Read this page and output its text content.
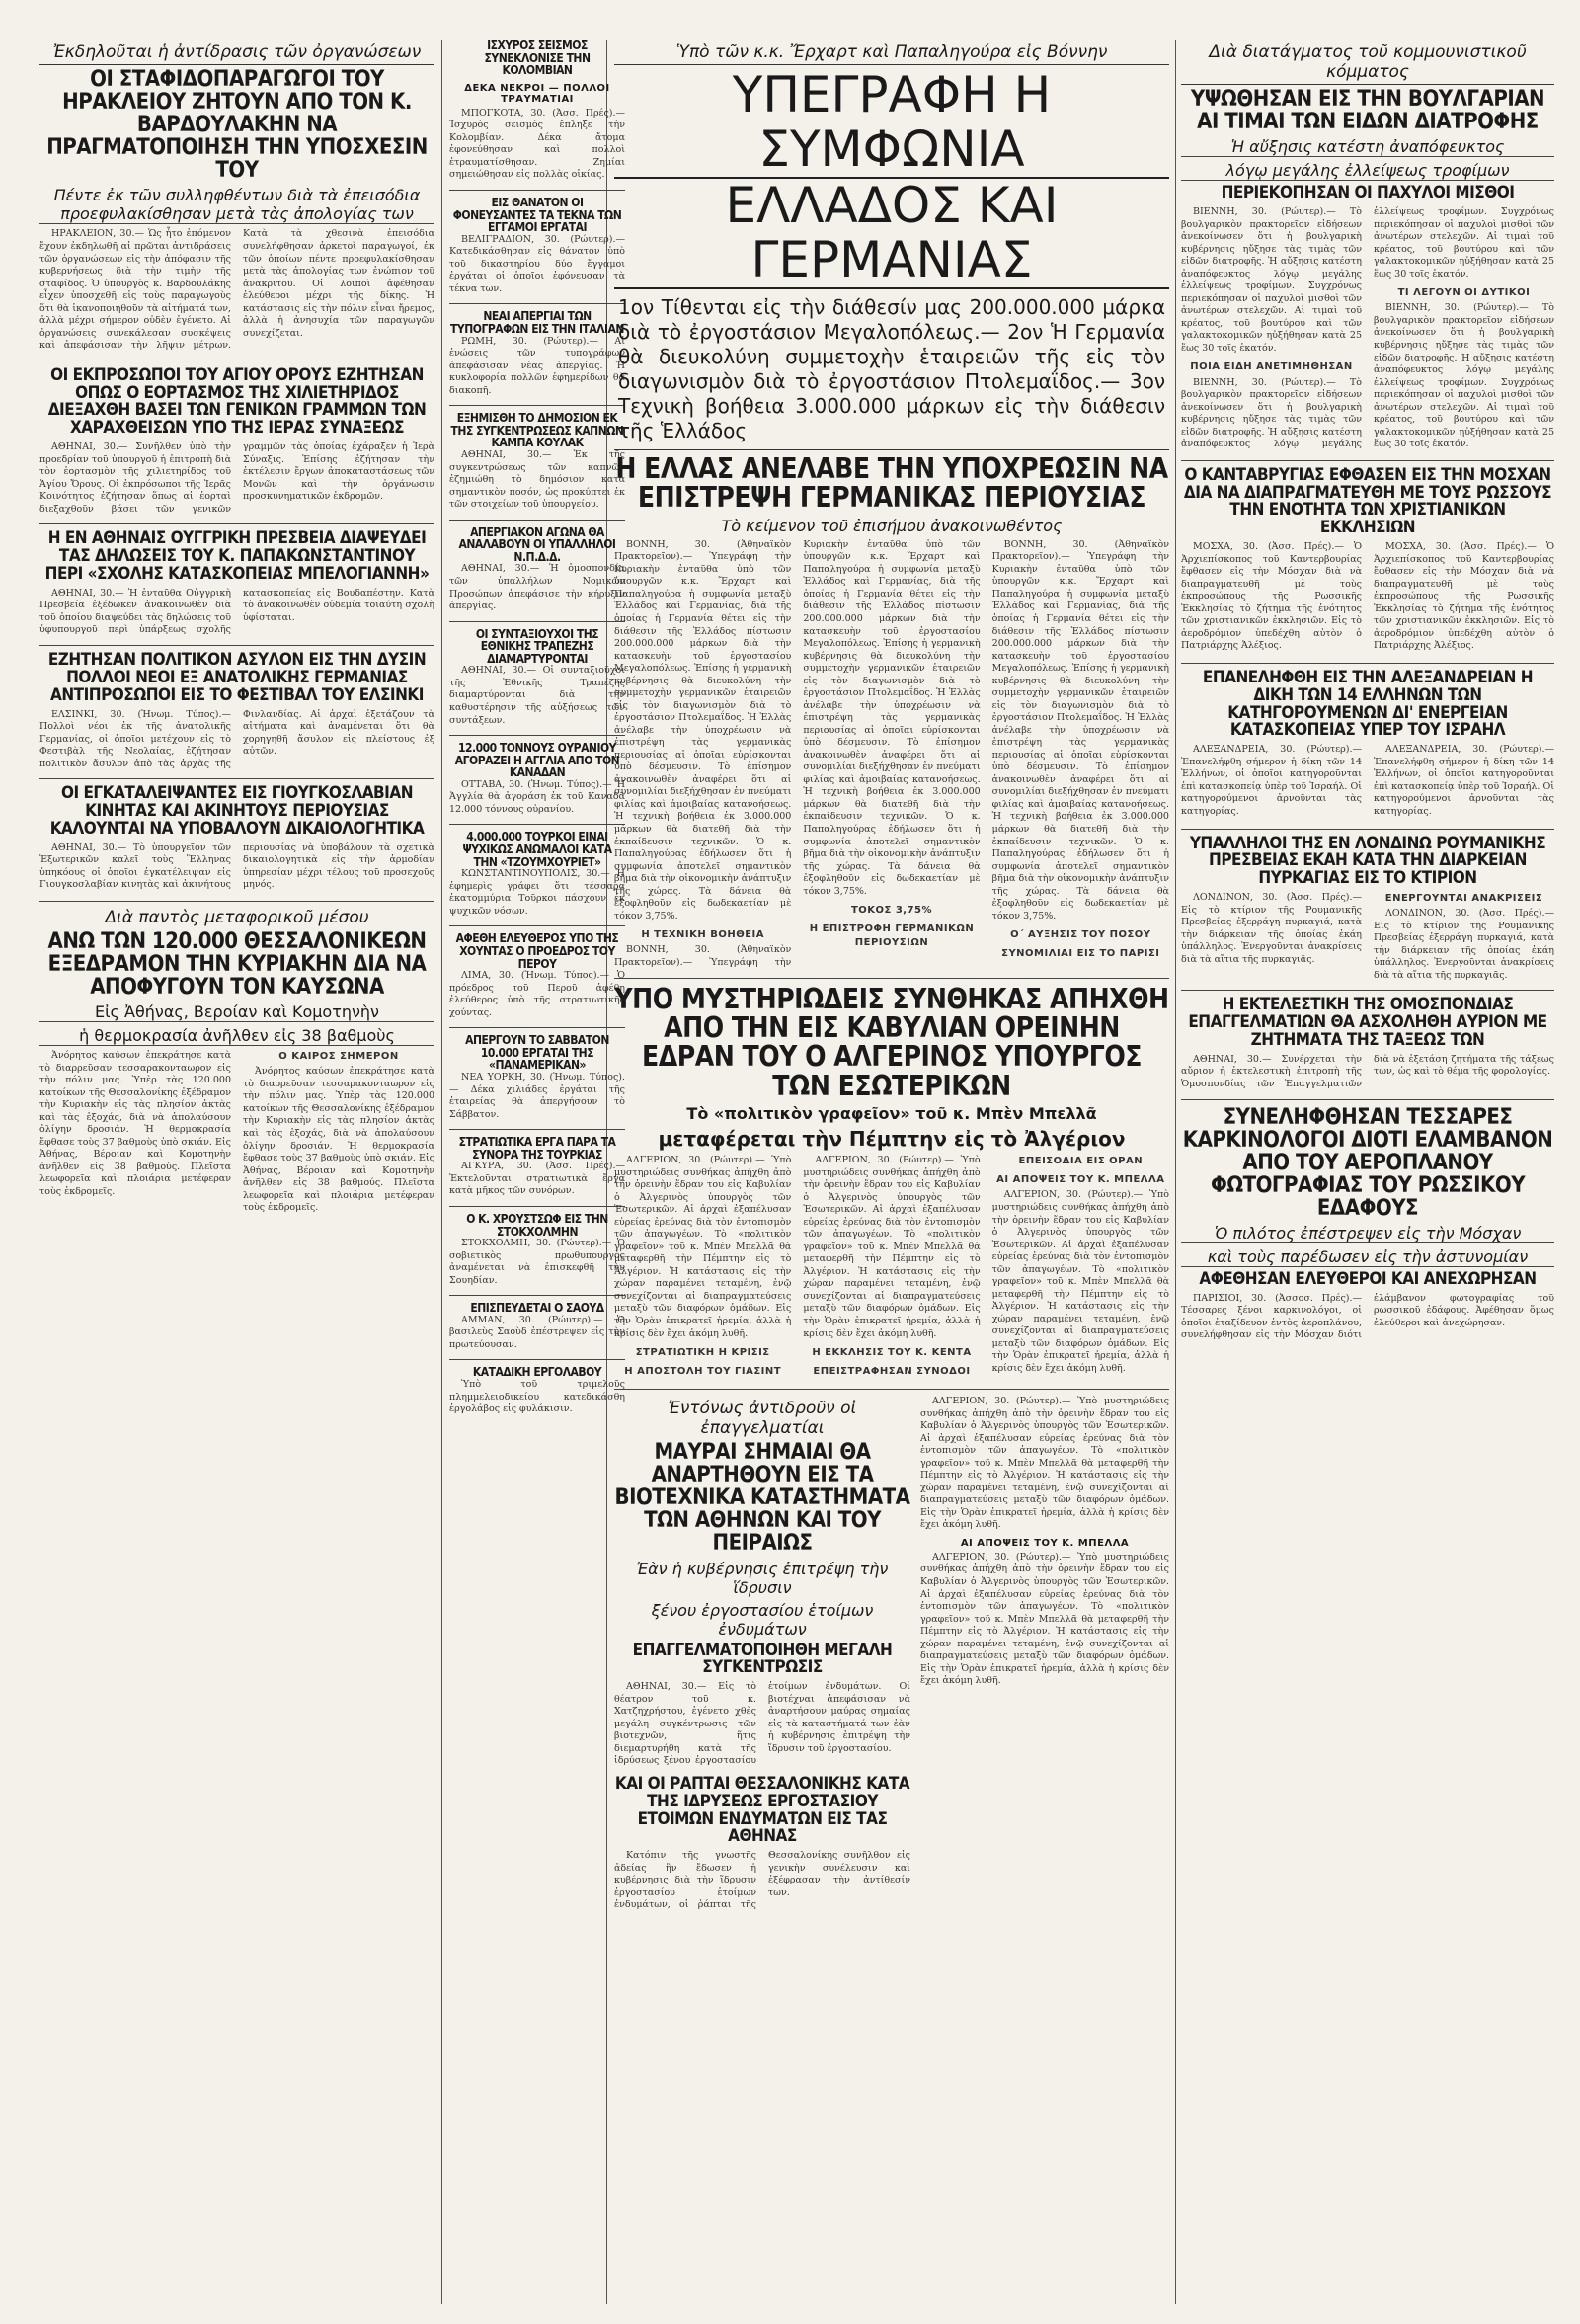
Ἐκδηλοῦται ἡ ἀντίδρασις τῶν ὀργανώσεων
ΟΙ ΣΤΑΦΙΔΟΠΑΡΑΓΩΓΟΙ ΤΟΥ ΗΡΑΚΛΕΙΟΥ ΖΗΤΟΥΝ ΑΠΟ ΤΟΝ Κ. ΒΑΡΔΟΥΛΑΚΗΝ ΝΑ ΠΡΑΓΜΑΤΟΠΟΙΗΣΗ ΤΗΝ ΥΠΟΣΧΕΣΙΝ ΤΟΥ
Πέντε ἐκ τῶν συλληφθέντων διὰ τὰ ἐπεισόδια προεφυλακίσθησαν μετὰ τὰς ἀπολογίας των

ΗΡΑΚΛΕΙΟΝ, 30.— Ὡς ἦτο ἐπόμενον ἔχουν ἐκδηλωθῆ αἱ πρῶται ἀντιδράσεις τῶν ὀργανώσεων εἰς τὴν ἀπόφασιν τῆς κυβερνήσεως διὰ τὴν τιμὴν τῆς σταφίδος. Ὁ ὑπουργὸς κ. Βαρδουλάκης εἶχεν ὑποσχεθῆ εἰς τοὺς παραγωγοὺς ὅτι θὰ ἱκανοποιηθοῦν τὰ αἰτήματά των, ἀλλὰ μέχρι σήμερον οὐδὲν ἐγένετο. Αἱ ὀργανώσεις συνεκάλεσαν συσκέψεις καὶ ἀπεφάσισαν τὴν λῆψιν μέτρων. Κατὰ τὰ χθεσινὰ ἐπεισόδια συνελήφθησαν ἀρκετοὶ παραγωγοί, ἐκ τῶν ὁποίων πέντε προεφυλακίσθησαν μετὰ τὰς ἀπολογίας των ἐνώπιον τοῦ ἀνακριτοῦ. Οἱ λοιποὶ ἀφέθησαν ἐλεύθεροι μέχρι τῆς δίκης. Ἡ κατάστασις εἰς τὴν πόλιν εἶναι ἤρεμος, ἀλλὰ ἡ ἀνησυχία τῶν παραγωγῶν συνεχίζεται.

ΟΙ ΕΚΠΡΟΣΩΠΟΙ ΤΟΥ ΑΓΙΟΥ ΟΡΟΥΣ ΕΖΗΤΗΣΑΝ ΟΠΩΣ Ο ΕΟΡΤΑΣΜΟΣ ΤΗΣ ΧΙΛΙΕΤΗΡΙΔΟΣ ΔΙΕΞΑΧΘΗ ΒΑΣΕΙ ΤΩΝ ΓΕΝΙΚΩΝ ΓΡΑΜΜΩΝ ΤΩΝ ΧΑΡΑΧΘΕΙΣΩΝ ΥΠΟ ΤΗΣ ΙΕΡΑΣ ΣΥΝΑΞΕΩΣ

ΑΘΗΝΑΙ, 30.— Συνῆλθεν ὑπὸ τὴν προεδρίαν τοῦ ὑπουργοῦ ἡ ἐπιτροπὴ διὰ τὸν ἑορτασμὸν τῆς χιλιετηρίδος τοῦ Ἁγίου Ὄρους. Οἱ ἐκπρόσωποι τῆς Ἱερᾶς Κοινότητος ἐζήτησαν ὅπως αἱ ἑορταὶ διεξαχθοῦν βάσει τῶν γενικῶν γραμμῶν τὰς ὁποίας ἐχάραξεν ἡ Ἱερὰ Σύναξις. Ἐπίσης ἐζήτησαν τὴν ἐκτέλεσιν ἔργων ἀποκαταστάσεως τῶν Μονῶν καὶ τὴν ὀργάνωσιν προσκυνηματικῶν ἐκδρομῶν.

Η ΕΝ ΑΘΗΝΑΙΣ ΟΥΓΓΡΙΚΗ ΠΡΕΣΒΕΙΑ ΔΙΑΨΕΥΔΕΙ ΤΑΣ ΔΗΛΩΣΕΙΣ ΤΟΥ Κ. ΠΑΠΑΚΩΝΣΤΑΝΤΙΝΟΥ ΠΕΡΙ «ΣΧΟΛΗΣ ΚΑΤΑΣΚΟΠΕΙΑΣ ΜΠΕΛΟΓΙΑΝΝΗ»

ΑΘΗΝΑΙ, 30.— Ἡ ἐνταῦθα Οὐγγρικὴ Πρεσβεία ἐξέδωκεν ἀνακοινωθὲν διὰ τοῦ ὁποίου διαψεύδει τὰς δηλώσεις τοῦ ὑφυπουργοῦ περὶ ὑπάρξεως σχολῆς κατασκοπείας εἰς Βουδαπέστην. Κατὰ τὸ ἀνακοινωθὲν οὐδεμία τοιαύτη σχολὴ ὑφίσταται.

ΕΖΗΤΗΣΑΝ ΠΟΛΙΤΙΚΟΝ ΑΣΥΛΟΝ ΕΙΣ ΤΗΝ ΔΥΣΙΝ ΠΟΛΛΟΙ ΝΕΟΙ ΕΞ ΑΝΑΤΟΛΙΚΗΣ ΓΕΡΜΑΝΙΑΣ ΑΝΤΙΠΡΟΣΩΠΟΙ ΕΙΣ ΤΟ ΦΕΣΤΙΒΑΛ ΤΟΥ ΕΛΣΙΝΚΙ

ΕΛΣΙΝΚΙ, 30. (Ἡνωμ. Τύπος).— Πολλοὶ νέοι ἐκ τῆς ἀνατολικῆς Γερμανίας, οἱ ὁποῖοι μετέχουν εἰς τὸ Φεστιβὰλ τῆς Νεολαίας, ἐζήτησαν πολιτικὸν ἄσυλον ἀπὸ τὰς ἀρχὰς τῆς Φινλανδίας. Αἱ ἀρχαὶ ἐξετάζουν τὰ αἰτήματα καὶ ἀναμένεται ὅτι θὰ χορηγηθῆ ἄσυλον εἰς πλείστους ἐξ αὐτῶν.

ΟΙ ΕΓΚΑΤΑΛΕΙΨΑΝΤΕΣ ΕΙΣ ΓΙΟΥΓΚΟΣΛΑΒΙΑΝ ΚΙΝΗΤΑΣ ΚΑΙ ΑΚΙΝΗΤΟΥΣ ΠΕΡΙΟΥΣΙΑΣ ΚΑΛΟΥΝΤΑΙ ΝΑ ΥΠΟΒΑΛΟΥΝ ΔΙΚΑΙΟΛΟΓΗΤΙΚΑ

ΑΘΗΝΑΙ, 30.— Τὸ ὑπουργεῖον τῶν Ἐξωτερικῶν καλεῖ τοὺς Ἕλληνας ὑπηκόους οἱ ὁποῖοι ἐγκατέλειψαν εἰς Γιουγκοσλαβίαν κινητὰς καὶ ἀκινήτους περιουσίας νὰ ὑποβάλουν τὰ σχετικὰ δικαιολογητικὰ εἰς τὴν ἁρμοδίαν ὑπηρεσίαν μέχρι τέλους τοῦ προσεχοῦς μηνός.

Διὰ παντὸς μεταφορικοῦ μέσου
ΑΝΩ ΤΩΝ 120.000 ΘΕΣΣΑΛΟΝΙΚΕΩΝ ΕΞΕΔΡΑΜΟΝ ΤΗΝ ΚΥΡΙΑΚΗΝ ΔΙΑ ΝΑ ΑΠΟΦΥΓΟΥΝ ΤΟΝ ΚΑΥΣΩΝΑ
Εἰς Ἀθήνας, Βεροίαν καὶ Κομοτηνὴν
ἡ θερμοκρασία ἀνῆλθεν εἰς 38 βαθμοὺς

Ἀνόρητος καύσων ἐπεκράτησε κατὰ τὸ διαρρεῦσαν τεσσαρακονταωρον εἰς τὴν πόλιν μας. Ὑπὲρ τὰς 120.000 κατοίκων τῆς Θεσσαλονίκης ἐξέδραμον τὴν Κυριακὴν εἰς τὰς πλησίον ἀκτὰς καὶ τὰς ἐξοχάς, διὰ νὰ ἀπολαύσουν ὀλίγην δροσιάν. Ἡ θερμοκρασία ἔφθασε τοὺς 37 βαθμοὺς ὑπὸ σκιάν. Εἰς Ἀθήνας, Βέροιαν καὶ Κομοτηνὴν ἀνῆλθεν εἰς 38 βαθμούς. Πλεῖστα λεωφορεῖα καὶ πλοιάρια μετέφεραν τοὺς ἐκδρομεῖς.

Ο ΚΑΙΡΟΣ ΣΗΜΕΡΟΝ

Ἀνόρητος καύσων ἐπεκράτησε κατὰ τὸ διαρρεῦσαν τεσσαρακονταωρον εἰς τὴν πόλιν μας. Ὑπὲρ τὰς 120.000 κατοίκων τῆς Θεσσαλονίκης ἐξέδραμον τὴν Κυριακὴν εἰς τὰς πλησίον ἀκτὰς καὶ τὰς ἐξοχάς, διὰ νὰ ἀπολαύσουν ὀλίγην δροσιάν. Ἡ θερμοκρασία ἔφθασε τοὺς 37 βαθμοὺς ὑπὸ σκιάν. Εἰς Ἀθήνας, Βέροιαν καὶ Κομοτηνὴν ἀνῆλθεν εἰς 38 βαθμούς. Πλεῖστα λεωφορεῖα καὶ πλοιάρια μετέφεραν τοὺς ἐκδρομεῖς.

ΙΣΧΥΡΟΣ ΣΕΙΣΜΟΣ ΣΥΝΕΚΛΟΝΙΣΕ ΤΗΝ ΚΟΛΟΜΒΙΑΝ
ΔΕΚΑ ΝΕΚΡΟΙ — ΠΟΛΛΟΙ ΤΡΑΥΜΑΤΙΑΙ

ΜΠΟΓΚΟΤΑ, 30. (Ἀσσ. Πρές).— Ἰσχυρὸς σεισμὸς ἔπληξε τὴν Κολομβίαν. Δέκα ἄτομα ἐφονεύθησαν καὶ πολλοὶ ἐτραυματίσθησαν. Ζημίαι σημειώθησαν εἰς πολλὰς οἰκίας.

ΕΙΣ ΘΑΝΑΤΟΝ ΟΙ ΦΟΝΕΥΣΑΝΤΕΣ ΤΑ ΤΕΚΝΑ ΤΩΝ ΕΓΓΑΜΟΙ ΕΡΓΑΤΑΙ

ΒΕΛΙΓΡΑΔΙΟΝ, 30. (Ρώυτερ).— Κατεδικάσθησαν εἰς θάνατον ὑπὸ τοῦ δικαστηρίου δύο ἔγγαμοι ἐργάται οἱ ὁποῖοι ἐφόνευσαν τὰ τέκνα των.

ΝΕΑΙ ΑΠΕΡΓΙΑΙ ΤΩΝ ΤΥΠΟΓΡΑΦΩΝ ΕΙΣ ΤΗΝ ΙΤΑΛΙΑΝ

ΡΩΜΗ, 30. (Ρώυτερ).— Αἱ ἑνώσεις τῶν τυπογράφων ἀπεφάσισαν νέας ἀπεργίας. Ἡ κυκλοφορία πολλῶν ἐφημερίδων θὰ διακοπῆ.

ΕΞΗΜΙΣΘΗ ΤΟ ΔΗΜΟΣΙΟΝ ΕΚ ΤΗΣ ΣΥΓΚΕΝΤΡΩΣΕΩΣ ΚΑΠΝΩΝ ΚΑΜΠΑ ΚΟΥΛΑΚ

ΑΘΗΝΑΙ, 30.— Ἐκ τῆς συγκεντρώσεως τῶν καπνῶν ἐζημιώθη τὸ δημόσιον κατὰ σημαντικὸν ποσόν, ὡς προκύπτει ἐκ τῶν στοιχείων τοῦ ὑπουργείου.

ΑΠΕΡΓΙΑΚΟΝ ΑΓΩΝΑ ΘΑ ΑΝΑΛΑΒΟΥΝ ΟΙ ΥΠΑΛΛΗΛΟΙ Ν.Π.Δ.Δ.

ΑΘΗΝΑΙ, 30.— Ἡ ὁμοσπονδία τῶν ὑπαλλήλων Νομικῶν Προσώπων ἀπεφάσισε τὴν κήρυξιν ἀπεργίας.

ΟΙ ΣΥΝΤΑΞΙΟΥΧΟΙ ΤΗΣ ΕΘΝΙΚΗΣ ΤΡΑΠΕΖΗΣ ΔΙΑΜΑΡΤΥΡΟΝΤΑΙ

ΑΘΗΝΑΙ, 30.— Οἱ συνταξιοῦχοι τῆς Ἐθνικῆς Τραπέζης διαμαρτύρονται διὰ τὴν καθυστέρησιν τῆς αὐξήσεως τῶν συντάξεων.

12.000 ΤΟΝΝΟΥΣ ΟΥΡΑΝΙΟΥ ΑΓΟΡΑΖΕΙ Η ΑΓΓΛΙΑ ΑΠΟ ΤΟΝ ΚΑΝΑΔΑΝ

ΟΤΤΑΒΑ, 30. (Ἡνωμ. Τύπος).— Ἡ Ἀγγλία θὰ ἀγοράση ἐκ τοῦ Καναδᾶ 12.000 τόννους οὐρανίου.

4.000.000 ΤΟΥΡΚΟΙ ΕΙΝΑΙ ΨΥΧΙΚΩΣ ΑΝΩΜΑΛΟΙ ΚΑΤΑ ΤΗΝ «ΤΖΟΥΜΧΟΥΡΙΕΤ»

ΚΩΝΣΤΑΝΤΙΝΟΥΠΟΛΙΣ, 30.— Ἡ ἐφημερὶς γράφει ὅτι τέσσαρα ἑκατομμύρια Τοῦρκοι πάσχουν ἐκ ψυχικῶν νόσων.

ΑΦΕΘΗ ΕΛΕΥΘΕΡΟΣ ΥΠΟ ΤΗΣ ΧΟΥΝΤΑΣ Ο ΠΡΟΕΔΡΟΣ ΤΟΥ ΠΕΡΟΥ

ΛΙΜΑ, 30. (Ἡνωμ. Τύπος).— Ὁ πρόεδρος τοῦ Περοῦ ἀφέθη ἐλεύθερος ὑπὸ τῆς στρατιωτικῆς χούντας.

ΑΠΕΡΓΟΥΝ ΤΟ ΣΑΒΒΑΤΟΝ 10.000 ΕΡΓΑΤΑΙ ΤΗΣ «ΠΑΝΑΜΕΡΙΚΑΝ»

ΝΕΑ ΥΟΡΚΗ, 30. (Ἡνωμ. Τύπος).— Δέκα χιλιάδες ἐργάται τῆς ἑταιρείας θὰ ἀπεργήσουν τὸ Σάββατον.

ΣΤΡΑΤΙΩΤΙΚΑ ΕΡΓΑ ΠΑΡΑ ΤΑ ΣΥΝΟΡΑ ΤΗΣ ΤΟΥΡΚΙΑΣ

ΑΓΚΥΡΑ, 30. (Ἀσσ. Πρές).— Ἐκτελοῦνται στρατιωτικὰ ἔργα κατὰ μῆκος τῶν συνόρων.

Ο Κ. ΧΡΟΥΣΤΣΩΦ ΕΙΣ ΤΗΝ ΣΤΟΚΧΟΛΜΗΝ

ΣΤΟΚΧΟΛΜΗ, 30. (Ρώυτερ).— Ὁ σοβιετικὸς πρωθυπουργὸς ἀναμένεται νὰ ἐπισκεφθῆ τὴν Σουηδίαν.

ΕΠΙΣΠΕΥΔΕΤΑΙ Ο ΣΑΟΥΔ

ΑΜΜΑΝ, 30. (Ρώυτερ).— Ὁ βασιλεὺς Σαοὺδ ἐπέστρεψεν εἰς τὴν πρωτεύουσαν.

ΚΑΤΑΔΙΚΗ ΕΡΓΟΛΑΒΟΥ

Ὑπὸ τοῦ τριμελοῦς πλημμελειοδικείου κατεδικάσθη ἐργολάβος εἰς φυλάκισιν.

Ὑπὸ τῶν κ.κ. Ἔρχαρτ καὶ Παπαληγούρα εἰς Βόννην
ΥΠΕΓΡΑΦΗ Η ΣΥΜΦΩΝΙΑ
ΕΛΛΑΔΟΣ ΚΑΙ ΓΕΡΜΑΝΙΑΣ
1ον Τίθενται εἰς τὴν διάθεσίν μας 200.000.000 μάρκα διὰ τὸ ἐργοστάσιον Μεγαλοπόλεως.— 2ον Ἡ Γερμανία θὰ διευκολύνη συμμετοχὴν ἑταιρειῶν τῆς εἰς τὸν διαγωνισμὸν διὰ τὸ ἐργοστάσιον Πτολεμαΐδος.— 3ον Τεχνικὴ βοήθεια 3.000.000 μάρκων εἰς τὴν διάθεσιν τῆς Ἑλλάδος
Η ΕΛΛΑΣ ΑΝΕΛΑΒΕ ΤΗΝ ΥΠΟΧΡΕΩΣΙΝ ΝΑ ΕΠΙΣΤΡΕΨΗ ΓΕΡΜΑΝΙΚΑΣ ΠΕΡΙΟΥΣΙΑΣ
Τὸ κείμενον τοῦ ἐπισήμου ἀνακοινωθέντος

ΒΟΝΝΗ, 30. (Ἀθηναϊκὸν Πρακτορεῖον).— Ὑπεγράφη τὴν Κυριακὴν ἐνταῦθα ὑπὸ τῶν ὑπουργῶν κ.κ. Ἔρχαρτ καὶ Παπαληγούρα ἡ συμφωνία μεταξὺ Ἑλλάδος καὶ Γερμανίας, διὰ τῆς ὁποίας ἡ Γερμανία θέτει εἰς τὴν διάθεσιν τῆς Ἑλλάδος πίστωσιν 200.000.000 μάρκων διὰ τὴν κατασκευὴν τοῦ ἐργοστασίου Μεγαλοπόλεως. Ἐπίσης ἡ γερμανικὴ κυβέρνησις θὰ διευκολύνη τὴν συμμετοχὴν γερμανικῶν ἑταιρειῶν εἰς τὸν διαγωνισμὸν διὰ τὸ ἐργοστάσιον Πτολεμαΐδος. Ἡ Ἑλλὰς ἀνέλαβε τὴν ὑποχρέωσιν νὰ ἐπιστρέψη τὰς γερμανικὰς περιουσίας αἱ ὁποῖαι εὑρίσκονται ὑπὸ δέσμευσιν. Τὸ ἐπίσημον ἀνακοινωθὲν ἀναφέρει ὅτι αἱ συνομιλίαι διεξήχθησαν ἐν πνεύματι φιλίας καὶ ἀμοιβαίας κατανοήσεως. Ἡ τεχνικὴ βοήθεια ἐκ 3.000.000 μάρκων θὰ διατεθῆ διὰ τὴν ἐκπαίδευσιν τεχνικῶν. Ὁ κ. Παπαληγούρας ἐδήλωσεν ὅτι ἡ συμφωνία ἀποτελεῖ σημαντικὸν βῆμα διὰ τὴν οἰκονομικὴν ἀνάπτυξιν τῆς χώρας. Τὰ δάνεια θὰ ἐξοφληθοῦν εἰς δωδεκαετίαν μὲ τόκον 3,75%.

Η ΤΕΧΝΙΚΗ ΒΟΗΘΕΙΑ

ΒΟΝΝΗ, 30. (Ἀθηναϊκὸν Πρακτορεῖον).— Ὑπεγράφη τὴν Κυριακὴν ἐνταῦθα ὑπὸ τῶν ὑπουργῶν κ.κ. Ἔρχαρτ καὶ Παπαληγούρα ἡ συμφωνία μεταξὺ Ἑλλάδος καὶ Γερμανίας, διὰ τῆς ὁποίας ἡ Γερμανία θέτει εἰς τὴν διάθεσιν τῆς Ἑλλάδος πίστωσιν 200.000.000 μάρκων διὰ τὴν κατασκευὴν τοῦ ἐργοστασίου Μεγαλοπόλεως. Ἐπίσης ἡ γερμανικὴ κυβέρνησις θὰ διευκολύνη τὴν συμμετοχὴν γερμανικῶν ἑταιρειῶν εἰς τὸν διαγωνισμὸν διὰ τὸ ἐργοστάσιον Πτολεμαΐδος. Ἡ Ἑλλὰς ἀνέλαβε τὴν ὑποχρέωσιν νὰ ἐπιστρέψη τὰς γερμανικὰς περιουσίας αἱ ὁποῖαι εὑρίσκονται ὑπὸ δέσμευσιν. Τὸ ἐπίσημον ἀνακοινωθὲν ἀναφέρει ὅτι αἱ συνομιλίαι διεξήχθησαν ἐν πνεύματι φιλίας καὶ ἀμοιβαίας κατανοήσεως. Ἡ τεχνικὴ βοήθεια ἐκ 3.000.000 μάρκων θὰ διατεθῆ διὰ τὴν ἐκπαίδευσιν τεχνικῶν. Ὁ κ. Παπαληγούρας ἐδήλωσεν ὅτι ἡ συμφωνία ἀποτελεῖ σημαντικὸν βῆμα διὰ τὴν οἰκονομικὴν ἀνάπτυξιν τῆς χώρας. Τὰ δάνεια θὰ ἐξοφληθοῦν εἰς δωδεκαετίαν μὲ τόκον 3,75%.

ΤΟΚΟΣ 3,75%
Η ΕΠΙΣΤΡΟΦΗ ΓΕΡΜΑΝΙΚΩΝ ΠΕΡΙΟΥΣΙΩΝ

ΒΟΝΝΗ, 30. (Ἀθηναϊκὸν Πρακτορεῖον).— Ὑπεγράφη τὴν Κυριακὴν ἐνταῦθα ὑπὸ τῶν ὑπουργῶν κ.κ. Ἔρχαρτ καὶ Παπαληγούρα ἡ συμφωνία μεταξὺ Ἑλλάδος καὶ Γερμανίας, διὰ τῆς ὁποίας ἡ Γερμανία θέτει εἰς τὴν διάθεσιν τῆς Ἑλλάδος πίστωσιν 200.000.000 μάρκων διὰ τὴν κατασκευὴν τοῦ ἐργοστασίου Μεγαλοπόλεως. Ἐπίσης ἡ γερμανικὴ κυβέρνησις θὰ διευκολύνη τὴν συμμετοχὴν γερμανικῶν ἑταιρειῶν εἰς τὸν διαγωνισμὸν διὰ τὸ ἐργοστάσιον Πτολεμαΐδος. Ἡ Ἑλλὰς ἀνέλαβε τὴν ὑποχρέωσιν νὰ ἐπιστρέψη τὰς γερμανικὰς περιουσίας αἱ ὁποῖαι εὑρίσκονται ὑπὸ δέσμευσιν. Τὸ ἐπίσημον ἀνακοινωθὲν ἀναφέρει ὅτι αἱ συνομιλίαι διεξήχθησαν ἐν πνεύματι φιλίας καὶ ἀμοιβαίας κατανοήσεως. Ἡ τεχνικὴ βοήθεια ἐκ 3.000.000 μάρκων θὰ διατεθῆ διὰ τὴν ἐκπαίδευσιν τεχνικῶν. Ὁ κ. Παπαληγούρας ἐδήλωσεν ὅτι ἡ συμφωνία ἀποτελεῖ σημαντικὸν βῆμα διὰ τὴν οἰκονομικὴν ἀνάπτυξιν τῆς χώρας. Τὰ δάνεια θὰ ἐξοφληθοῦν εἰς δωδεκαετίαν μὲ τόκον 3,75%.

Ο΄ ΑΥΞΗΣΙΣ ΤΟΥ ΠΟΣΟΥ
ΣΥΝΟΜΙΛΙΑΙ ΕΙΣ ΤΟ ΠΑΡΙΣΙ
ΥΠΟ ΜΥΣΤΗΡΙΩΔΕΙΣ ΣΥΝΘΗΚΑΣ ΑΠΗΧΘΗ ΑΠΟ ΤΗΝ ΕΙΣ ΚΑΒΥΛΙΑΝ ΟΡΕΙΝΗΝ ΕΔΡΑΝ ΤΟΥ Ο ΑΛΓΕΡΙΝΟΣ ΥΠΟΥΡΓΟΣ ΤΩΝ ΕΣΩΤΕΡΙΚΩΝ
Τὸ «πολιτικὸν γραφεῖον» τοῦ κ. Μπὲν Μπελλᾶ
μεταφέρεται τὴν Πέμπτην εἰς τὸ Ἀλγέριον

ΑΛΓΕΡΙΟΝ, 30. (Ρώυτερ).— Ὑπὸ μυστηριώδεις συνθήκας ἀπήχθη ἀπὸ τὴν ὀρεινὴν ἕδραν του εἰς Καβυλίαν ὁ Ἀλγερινὸς ὑπουργὸς τῶν Ἐσωτερικῶν. Αἱ ἀρχαὶ ἐξαπέλυσαν εὐρείας ἐρεύνας διὰ τὸν ἐντοπισμὸν τῶν ἀπαγωγέων. Τὸ «πολιτικὸν γραφεῖον» τοῦ κ. Μπὲν Μπελλᾶ θὰ μεταφερθῆ τὴν Πέμπτην εἰς τὸ Ἀλγέριον. Ἡ κατάστασις εἰς τὴν χώραν παραμένει τεταμένη, ἐνῷ συνεχίζονται αἱ διαπραγματεύσεις μεταξὺ τῶν διαφόρων ὁμάδων. Εἰς τὴν Ὁρὰν ἐπικρατεῖ ἠρεμία, ἀλλὰ ἡ κρίσις δὲν ἔχει ἀκόμη λυθῆ.

ΣΤΡΑΤΙΩΤΙΚΗ Η ΚΡΙΣΙΣ
Η ΑΠΟΣΤΟΛΗ ΤΟΥ ΓΙΑΣΙΝΤ

ΑΛΓΕΡΙΟΝ, 30. (Ρώυτερ).— Ὑπὸ μυστηριώδεις συνθήκας ἀπήχθη ἀπὸ τὴν ὀρεινὴν ἕδραν του εἰς Καβυλίαν ὁ Ἀλγερινὸς ὑπουργὸς τῶν Ἐσωτερικῶν. Αἱ ἀρχαὶ ἐξαπέλυσαν εὐρείας ἐρεύνας διὰ τὸν ἐντοπισμὸν τῶν ἀπαγωγέων. Τὸ «πολιτικὸν γραφεῖον» τοῦ κ. Μπὲν Μπελλᾶ θὰ μεταφερθῆ τὴν Πέμπτην εἰς τὸ Ἀλγέριον. Ἡ κατάστασις εἰς τὴν χώραν παραμένει τεταμένη, ἐνῷ συνεχίζονται αἱ διαπραγματεύσεις μεταξὺ τῶν διαφόρων ὁμάδων. Εἰς τὴν Ὁρὰν ἐπικρατεῖ ἠρεμία, ἀλλὰ ἡ κρίσις δὲν ἔχει ἀκόμη λυθῆ.

Η ΕΚΚΛΗΣΙΣ ΤΟΥ Κ. ΚΕΝΤΑ
ΕΠΕΙΣΤΡΑΦΗΣΑΝ ΣΥΝΟΔΟΙ
ΕΠΕΙΣΟΔΙΑ ΕΙΣ ΟΡΑΝ
ΑΙ ΑΠΟΨΕΙΣ ΤΟΥ Κ. ΜΠΕΛΛΑ

ΑΛΓΕΡΙΟΝ, 30. (Ρώυτερ).— Ὑπὸ μυστηριώδεις συνθήκας ἀπήχθη ἀπὸ τὴν ὀρεινὴν ἕδραν του εἰς Καβυλίαν ὁ Ἀλγερινὸς ὑπουργὸς τῶν Ἐσωτερικῶν. Αἱ ἀρχαὶ ἐξαπέλυσαν εὐρείας ἐρεύνας διὰ τὸν ἐντοπισμὸν τῶν ἀπαγωγέων. Τὸ «πολιτικὸν γραφεῖον» τοῦ κ. Μπὲν Μπελλᾶ θὰ μεταφερθῆ τὴν Πέμπτην εἰς τὸ Ἀλγέριον. Ἡ κατάστασις εἰς τὴν χώραν παραμένει τεταμένη, ἐνῷ συνεχίζονται αἱ διαπραγματεύσεις μεταξὺ τῶν διαφόρων ὁμάδων. Εἰς τὴν Ὁρὰν ἐπικρατεῖ ἠρεμία, ἀλλὰ ἡ κρίσις δὲν ἔχει ἀκόμη λυθῆ.

Ἐντόνως ἀντιδροῦν οἱ ἐπαγγελματίαι
ΜΑΥΡΑΙ ΣΗΜΑΙΑΙ ΘΑ ΑΝΑΡΤΗΘΟΥΝ ΕΙΣ ΤΑ ΒΙΟΤΕΧΝΙΚΑ ΚΑΤΑΣΤΗΜΑΤΑ ΤΩΝ ΑΘΗΝΩΝ ΚΑΙ ΤΟΥ ΠΕΙΡΑΙΩΣ
Ἐὰν ἡ κυβέρνησις ἐπιτρέψη τὴν ἵδρυσιν
ξένου ἐργοστασίου ἑτοίμων ἐνδυμάτων
ΕΠΑΓΓΕΛΜΑΤΟΠΟΙΗΘΗ ΜΕΓΑΛΗ ΣΥΓΚΕΝΤΡΩΣΙΣ

ΑΘΗΝΑΙ, 30.— Εἰς τὸ θέατρον τοῦ κ. Χατζηχρήστου, ἐγένετο χθὲς μεγάλη συγκέντρωσις τῶν βιοτεχνῶν, ἥτις διεμαρτυρήθη κατὰ τῆς ἱδρύσεως ξένου ἐργοστασίου ἑτοίμων ἐνδυμάτων. Οἱ βιοτέχναι ἀπεφάσισαν νὰ ἀναρτήσουν μαύρας σημαίας εἰς τὰ καταστήματά των ἐὰν ἡ κυβέρνησις ἐπιτρέψη τὴν ἵδρυσιν τοῦ ἐργοστασίου.

ΚΑΙ ΟΙ ΡΑΠΤΑΙ ΘΕΣΣΑΛΟΝΙΚΗΣ ΚΑΤΑ ΤΗΣ ΙΔΡΥΣΕΩΣ ΕΡΓΟΣΤΑΣΙΟΥ ΕΤΟΙΜΩΝ ΕΝΔΥΜΑΤΩΝ ΕΙΣ ΤΑΣ ΑΘΗΝΑΣ

Κατόπιν τῆς γνωστῆς ἀδείας ἣν ἔδωσεν ἡ κυβέρνησις διὰ τὴν ἵδρυσιν ἐργοστασίου ἑτοίμων ἐνδυμάτων, οἱ ῥάπται τῆς Θεσσαλονίκης συνῆλθον εἰς γενικὴν συνέλευσιν καὶ ἐξέφρασαν τὴν ἀντίθεσίν των.

ΑΛΓΕΡΙΟΝ, 30. (Ρώυτερ).— Ὑπὸ μυστηριώδεις συνθήκας ἀπήχθη ἀπὸ τὴν ὀρεινὴν ἕδραν του εἰς Καβυλίαν ὁ Ἀλγερινὸς ὑπουργὸς τῶν Ἐσωτερικῶν. Αἱ ἀρχαὶ ἐξαπέλυσαν εὐρείας ἐρεύνας διὰ τὸν ἐντοπισμὸν τῶν ἀπαγωγέων. Τὸ «πολιτικὸν γραφεῖον» τοῦ κ. Μπὲν Μπελλᾶ θὰ μεταφερθῆ τὴν Πέμπτην εἰς τὸ Ἀλγέριον. Ἡ κατάστασις εἰς τὴν χώραν παραμένει τεταμένη, ἐνῷ συνεχίζονται αἱ διαπραγματεύσεις μεταξὺ τῶν διαφόρων ὁμάδων. Εἰς τὴν Ὁρὰν ἐπικρατεῖ ἠρεμία, ἀλλὰ ἡ κρίσις δὲν ἔχει ἀκόμη λυθῆ.

ΑΙ ΑΠΟΨΕΙΣ ΤΟΥ Κ. ΜΠΕΛΛΑ

ΑΛΓΕΡΙΟΝ, 30. (Ρώυτερ).— Ὑπὸ μυστηριώδεις συνθήκας ἀπήχθη ἀπὸ τὴν ὀρεινὴν ἕδραν του εἰς Καβυλίαν ὁ Ἀλγερινὸς ὑπουργὸς τῶν Ἐσωτερικῶν. Αἱ ἀρχαὶ ἐξαπέλυσαν εὐρείας ἐρεύνας διὰ τὸν ἐντοπισμὸν τῶν ἀπαγωγέων. Τὸ «πολιτικὸν γραφεῖον» τοῦ κ. Μπὲν Μπελλᾶ θὰ μεταφερθῆ τὴν Πέμπτην εἰς τὸ Ἀλγέριον. Ἡ κατάστασις εἰς τὴν χώραν παραμένει τεταμένη, ἐνῷ συνεχίζονται αἱ διαπραγματεύσεις μεταξὺ τῶν διαφόρων ὁμάδων. Εἰς τὴν Ὁρὰν ἐπικρατεῖ ἠρεμία, ἀλλὰ ἡ κρίσις δὲν ἔχει ἀκόμη λυθῆ.

Διὰ διατάγματος τοῦ κομμουνιστικοῦ κόμματος
ΥΨΩΘΗΣΑΝ ΕΙΣ ΤΗΝ ΒΟΥΛΓΑΡΙΑΝ ΑΙ ΤΙΜΑΙ ΤΩΝ ΕΙΔΩΝ ΔΙΑΤΡΟΦΗΣ
Ἡ αὔξησις κατέστη ἀναπόφευκτος
λόγῳ μεγάλης ἐλλείψεως τροφίμων
ΠΕΡΙΕΚΟΠΗΣΑΝ ΟΙ ΠΑΧΥΛΟΙ ΜΙΣΘΟΙ

ΒΙΕΝΝΗ, 30. (Ρώυτερ).— Τὸ βουλγαρικὸν πρακτορεῖον εἰδήσεων ἀνεκοίνωσεν ὅτι ἡ βουλγαρικὴ κυβέρνησις ηὔξησε τὰς τιμὰς τῶν εἰδῶν διατροφῆς. Ἡ αὔξησις κατέστη ἀναπόφευκτος λόγῳ μεγάλης ἐλλείψεως τροφίμων. Συγχρόνως περιεκόπησαν οἱ παχυλοὶ μισθοὶ τῶν ἀνωτέρων στελεχῶν. Αἱ τιμαὶ τοῦ κρέατος, τοῦ βουτύρου καὶ τῶν γαλακτοκομικῶν ηὐξήθησαν κατὰ 25 ἕως 30 τοῖς ἑκατόν.

ΠΟΙΑ ΕΙΔΗ ΑΝΕΤΙΜΗΘΗΣΑΝ

ΒΙΕΝΝΗ, 30. (Ρώυτερ).— Τὸ βουλγαρικὸν πρακτορεῖον εἰδήσεων ἀνεκοίνωσεν ὅτι ἡ βουλγαρικὴ κυβέρνησις ηὔξησε τὰς τιμὰς τῶν εἰδῶν διατροφῆς. Ἡ αὔξησις κατέστη ἀναπόφευκτος λόγῳ μεγάλης ἐλλείψεως τροφίμων. Συγχρόνως περιεκόπησαν οἱ παχυλοὶ μισθοὶ τῶν ἀνωτέρων στελεχῶν. Αἱ τιμαὶ τοῦ κρέατος, τοῦ βουτύρου καὶ τῶν γαλακτοκομικῶν ηὐξήθησαν κατὰ 25 ἕως 30 τοῖς ἑκατόν.

ΤΙ ΛΕΓΟΥΝ ΟΙ ΔΥΤΙΚΟΙ

ΒΙΕΝΝΗ, 30. (Ρώυτερ).— Τὸ βουλγαρικὸν πρακτορεῖον εἰδήσεων ἀνεκοίνωσεν ὅτι ἡ βουλγαρικὴ κυβέρνησις ηὔξησε τὰς τιμὰς τῶν εἰδῶν διατροφῆς. Ἡ αὔξησις κατέστη ἀναπόφευκτος λόγῳ μεγάλης ἐλλείψεως τροφίμων. Συγχρόνως περιεκόπησαν οἱ παχυλοὶ μισθοὶ τῶν ἀνωτέρων στελεχῶν. Αἱ τιμαὶ τοῦ κρέατος, τοῦ βουτύρου καὶ τῶν γαλακτοκομικῶν ηὐξήθησαν κατὰ 25 ἕως 30 τοῖς ἑκατόν.

Ο ΚΑΝΤΑΒΡΥΓΙΑΣ ΕΦΘΑΣΕΝ ΕΙΣ ΤΗΝ ΜΟΣΧΑΝ ΔΙΑ ΝΑ ΔΙΑΠΡΑΓΜΑΤΕΥΘΗ ΜΕ ΤΟΥΣ ΡΩΣΣΟΥΣ ΤΗΝ ΕΝΟΤΗΤΑ ΤΩΝ ΧΡΙΣΤΙΑΝΙΚΩΝ ΕΚΚΛΗΣΙΩΝ

ΜΟΣΧΑ, 30. (Ἀσσ. Πρές).— Ὁ Ἀρχιεπίσκοπος τοῦ Καντερβουρίας ἔφθασεν εἰς τὴν Μόσχαν διὰ νὰ διαπραγματευθῆ μὲ τοὺς ἐκπροσώπους τῆς Ρωσσικῆς Ἐκκλησίας τὸ ζήτημα τῆς ἑνότητος τῶν χριστιανικῶν ἐκκλησιῶν. Εἰς τὸ ἀεροδρόμιον ὑπεδέχθη αὐτὸν ὁ Πατριάρχης Ἀλέξιος.

ΜΟΣΧΑ, 30. (Ἀσσ. Πρές).— Ὁ Ἀρχιεπίσκοπος τοῦ Καντερβουρίας ἔφθασεν εἰς τὴν Μόσχαν διὰ νὰ διαπραγματευθῆ μὲ τοὺς ἐκπροσώπους τῆς Ρωσσικῆς Ἐκκλησίας τὸ ζήτημα τῆς ἑνότητος τῶν χριστιανικῶν ἐκκλησιῶν. Εἰς τὸ ἀεροδρόμιον ὑπεδέχθη αὐτὸν ὁ Πατριάρχης Ἀλέξιος.

ΕΠΑΝΕΛΗΦΘΗ ΕΙΣ ΤΗΝ ΑΛΕΞΑΝΔΡΕΙΑΝ Η ΔΙΚΗ ΤΩΝ 14 ΕΛΛΗΝΩΝ ΤΩΝ ΚΑΤΗΓΟΡΟΥΜΕΝΩΝ ΔΙ' ΕΝΕΡΓΕΙΑΝ ΚΑΤΑΣΚΟΠΕΙΑΣ ΥΠΕΡ ΤΟΥ ΙΣΡΑΗΛ

ΑΛΕΞΑΝΔΡΕΙΑ, 30. (Ρώυτερ).— Ἐπανελήφθη σήμερον ἡ δίκη τῶν 14 Ἑλλήνων, οἱ ὁποῖοι κατηγοροῦνται ἐπὶ κατασκοπείᾳ ὑπὲρ τοῦ Ἰσραήλ. Οἱ κατηγορούμενοι ἀρνοῦνται τὰς κατηγορίας.

ΑΛΕΞΑΝΔΡΕΙΑ, 30. (Ρώυτερ).— Ἐπανελήφθη σήμερον ἡ δίκη τῶν 14 Ἑλλήνων, οἱ ὁποῖοι κατηγοροῦνται ἐπὶ κατασκοπείᾳ ὑπὲρ τοῦ Ἰσραήλ. Οἱ κατηγορούμενοι ἀρνοῦνται τὰς κατηγορίας.

ΥΠΑΛΛΗΛΟΙ ΤΗΣ ΕΝ ΛΟΝΔΙΝΩ ΡΟΥΜΑΝΙΚΗΣ ΠΡΕΣΒΕΙΑΣ ΕΚΑΗ ΚΑΤΑ ΤΗΝ ΔΙΑΡΚΕΙΑΝ ΠΥΡΚΑΓΙΑΣ ΕΙΣ ΤΟ ΚΤΙΡΙΟΝ

ΛΟΝΔΙΝΟΝ, 30. (Ἀσσ. Πρές).— Εἰς τὸ κτίριον τῆς Ρουμανικῆς Πρεσβείας ἐξερράγη πυρκαγιά, κατὰ τὴν διάρκειαν τῆς ὁποίας ἐκάη ὑπάλληλος. Ἐνεργοῦνται ἀνακρίσεις διὰ τὰ αἴτια τῆς πυρκαγιᾶς.

ΕΝΕΡΓΟΥΝΤΑΙ ΑΝΑΚΡΙΣΕΙΣ

ΛΟΝΔΙΝΟΝ, 30. (Ἀσσ. Πρές).— Εἰς τὸ κτίριον τῆς Ρουμανικῆς Πρεσβείας ἐξερράγη πυρκαγιά, κατὰ τὴν διάρκειαν τῆς ὁποίας ἐκάη ὑπάλληλος. Ἐνεργοῦνται ἀνακρίσεις διὰ τὰ αἴτια τῆς πυρκαγιᾶς.

Η ΕΚΤΕΛΕΣΤΙΚΗ ΤΗΣ ΟΜΟΣΠΟΝΔΙΑΣ ΕΠΑΓΓΕΛΜΑΤΙΩΝ ΘΑ ΑΣΧΟΛΗΘΗ ΑΥΡΙΟΝ ΜΕ ΖΗΤΗΜΑΤΑ ΤΗΣ ΤΑΞΕΩΣ ΤΩΝ

ΑΘΗΝΑΙ, 30.— Συνέρχεται τὴν αὔριον ἡ ἐκτελεστικὴ ἐπιτροπὴ τῆς Ὁμοσπονδίας τῶν Ἐπαγγελματιῶν διὰ νὰ ἐξετάση ζητήματα τῆς τάξεως των, ὡς καὶ τὸ θέμα τῆς φορολογίας.

ΣΥΝΕΛΗΦΘΗΣΑΝ ΤΕΣΣΑΡΕΣ ΚΑΡΚΙΝΟΛΟΓΟΙ ΔΙΟΤΙ ΕΛΑΜΒΑΝΟΝ ΑΠΟ ΤΟΥ ΑΕΡΟΠΛΑΝΟΥ ΦΩΤΟΓΡΑΦΙΑΣ ΤΟΥ ΡΩΣΣΙΚΟΥ ΕΔΑΦΟΥΣ
Ὁ πιλότος ἐπέστρεψεν εἰς τὴν Μόσχαν
καὶ τοὺς παρέδωσεν εἰς τὴν ἀστυνομίαν
ΑΦΕΘΗΣΑΝ ΕΛΕΥΘΕΡΟΙ ΚΑΙ ΑΝΕΧΩΡΗΣΑΝ

ΠΑΡΙΣΙΟΙ, 30. (Ἀσσοσ. Πρές).— Τέσσαρες ξένοι καρκινολόγοι, οἱ ὁποῖοι ἐταξίδευον ἐντὸς ἀεροπλάνου, συνελήφθησαν εἰς τὴν Μόσχαν διότι ἐλάμβανον φωτογραφίας τοῦ ρωσσικοῦ ἐδάφους. Ἀφέθησαν ὅμως ἐλεύθεροι καὶ ἀνεχώρησαν.
